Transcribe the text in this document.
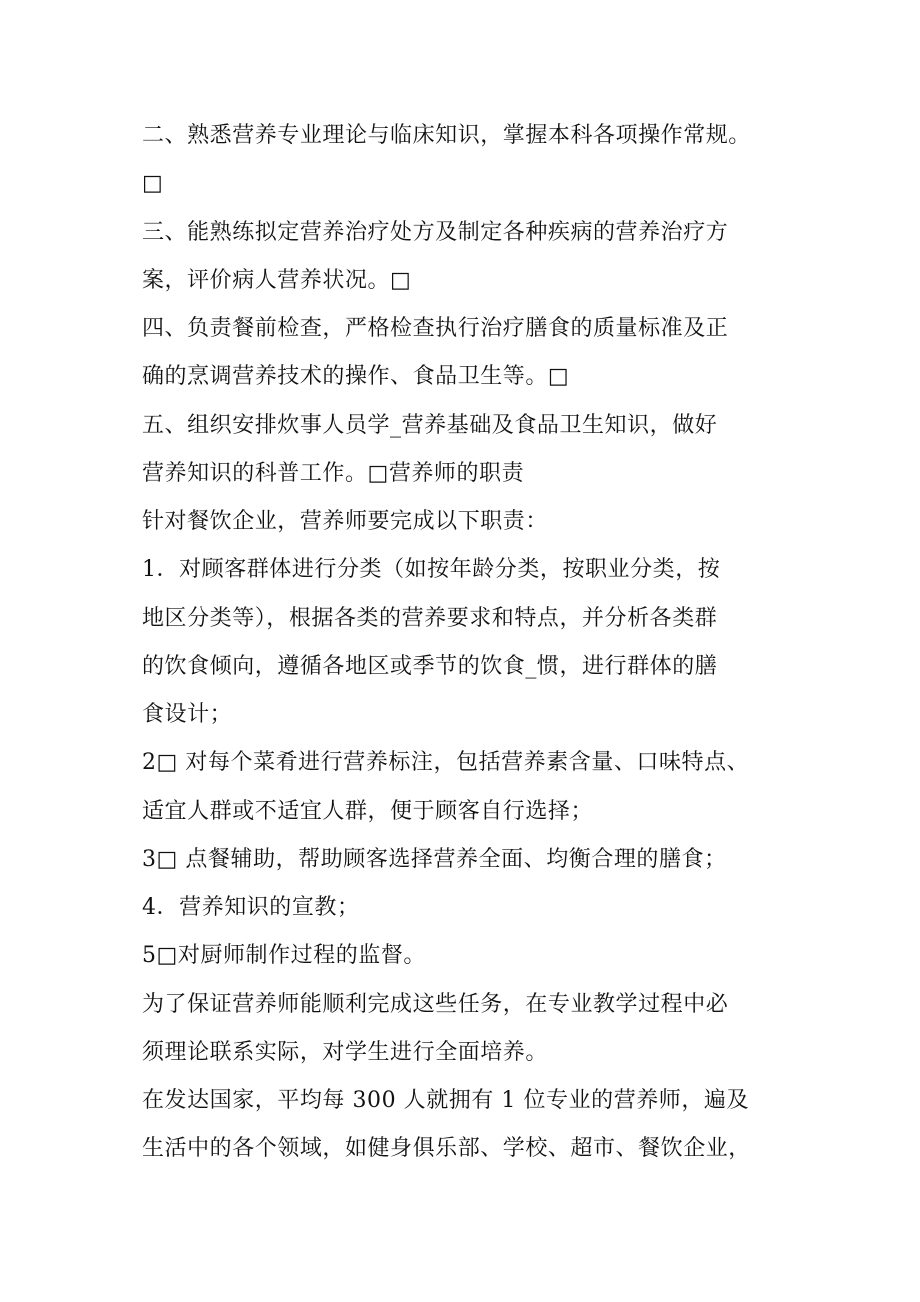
二、熟悉营养专业理论与临床知识，掌握本科各项操作常规。
□
三、能熟练拟定营养治疗处方及制定各种疾病的营养治疗方
案，评价病人营养状况。□
四、负责餐前检查，严格检查执行治疗膳食的质量标准及正
确的烹调营养技术的操作、食品卫生等。□
五、组织安排炊事人员学_营养基础及食品卫生知识，做好
营养知识的科普工作。□营养师的职责
针对餐饮企业，营养师要完成以下职责：
1．对顾客群体进行分类（如按年龄分类，按职业分类，按
地区分类等），根据各类的营养要求和特点，并分析各类群
的饮食倾向，遵循各地区或季节的饮食_惯，进行群体的膳
食设计；
2□ 对每个菜肴进行营养标注，包括营养素含量、口味特点、
适宜人群或不适宜人群，便于顾客自行选择；
3□ 点餐辅助，帮助顾客选择营养全面、均衡合理的膳食；
4．营养知识的宣教；
5□对厨师制作过程的监督。
为了保证营养师能顺利完成这些任务，在专业教学过程中必
须理论联系实际，对学生进行全面培养。
在发达国家，平均每 300 人就拥有 1 位专业的营养师，遍及
生活中的各个领域，如健身俱乐部、学校、超市、餐饮企业，
